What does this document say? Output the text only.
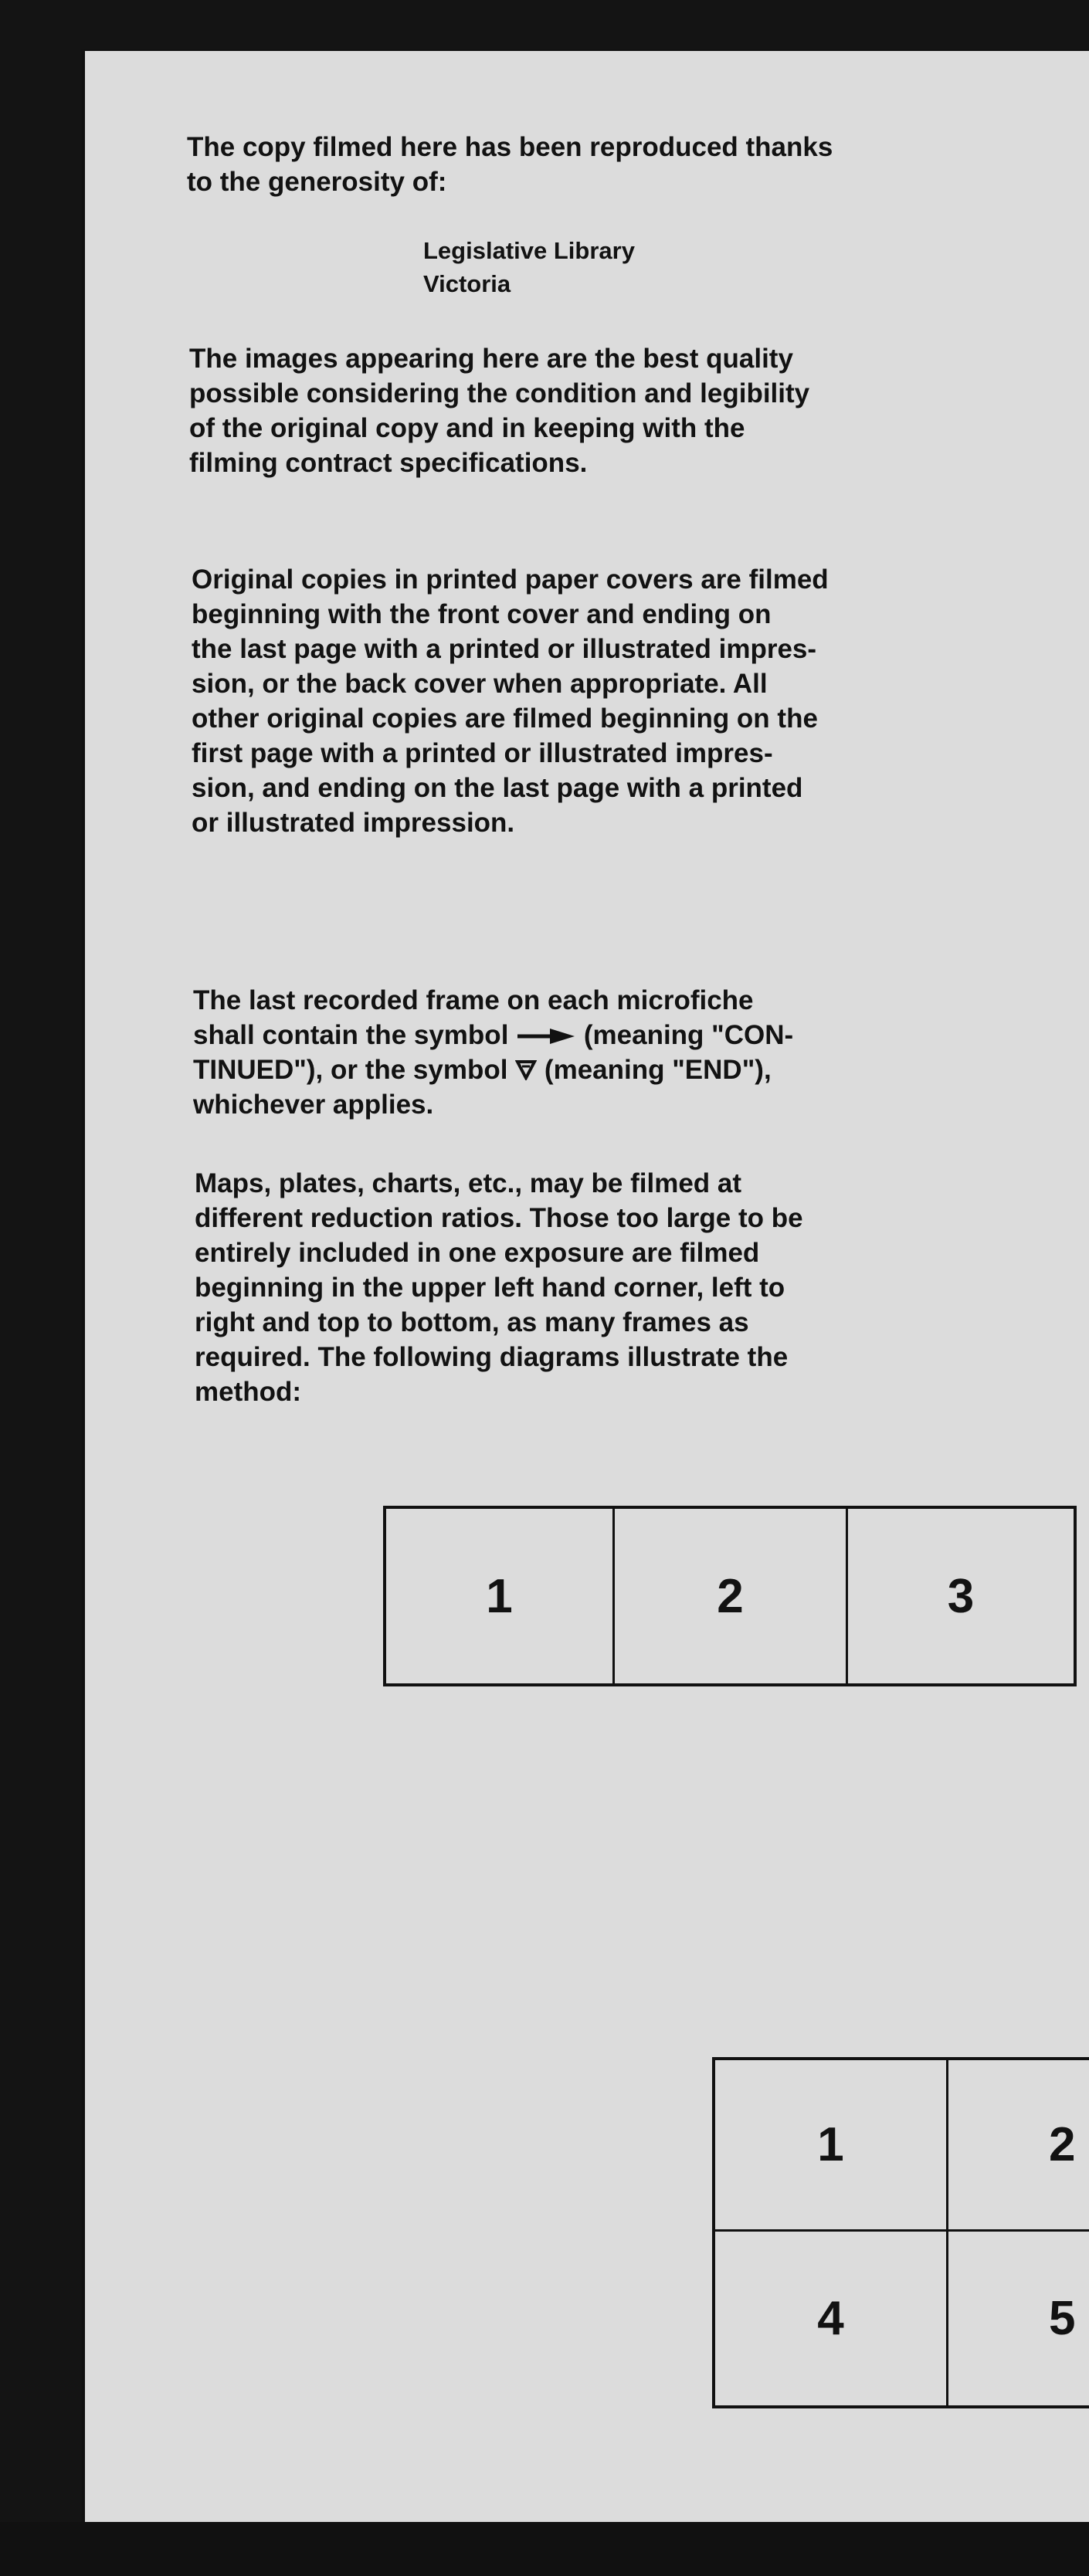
The copy filmed here has been reproduced thanks
to the generosity of:
Legislative Library
Victoria
The images appearing here are the best quality
possible considering the condition and legibility
of the original copy and in keeping with the
filming contract specifications.
Original copies in printed paper covers are filmed
beginning with the front cover and ending on
the last page with a printed or illustrated impres-
sion, or the back cover when appropriate. All
other original copies are filmed beginning on the
first page with a printed or illustrated impres-
sion, and ending on the last page with a printed
or illustrated impression.
The last recorded frame on each microfiche
shall contain the symbol  (meaning "CON-
TINUED"), or the symbol  (meaning "END"),
whichever applies.
Maps, plates, charts, etc., may be filmed at
different reduction ratios. Those too large to be
entirely included in one exposure are filmed
beginning in the upper left hand corner, left to
right and top to bottom, as many frames as
required. The following diagrams illustrate the
method:
1	2	3
1	2
4	5
